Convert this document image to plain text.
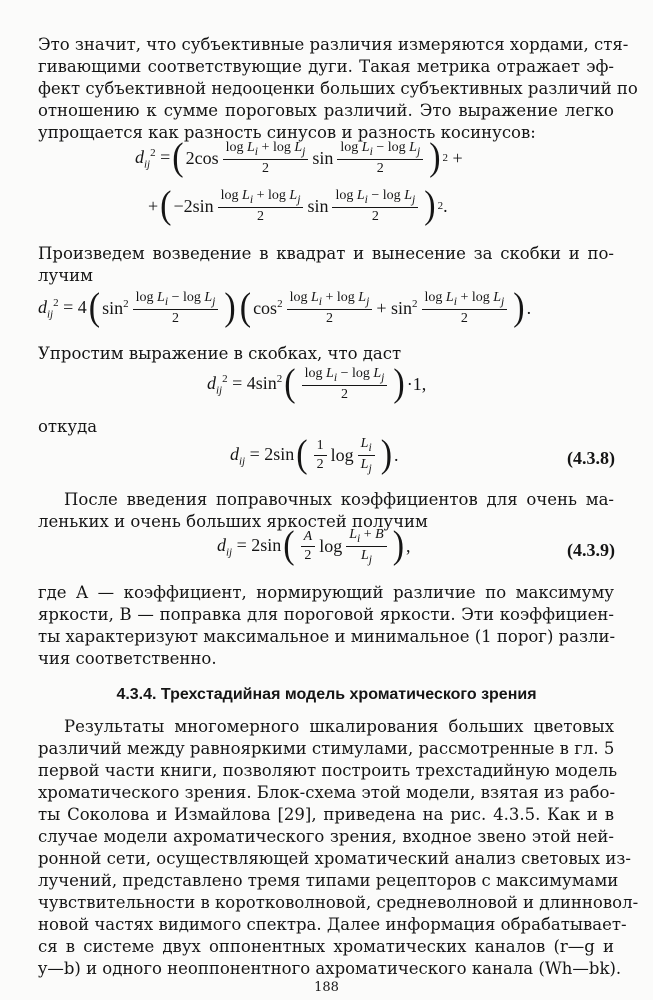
Это значит, что субъективные различия измеряются хордами, стя-
гивающими соответствующие дуги. Такая метрика отражает эф-
фект субъективной недооценки больших субъективных различий по
отношению к сумме пороговых различий. Это выражение легко
упрощается как разность синусов и разность косинусов:
$d_{ij}^2$ = ( $2\cos \frac{\log L_i + \log L_j}{2}$ $\sin \frac{\log L_i - \log L_j}{2}$ ) 2 +
+ ( $-2\sin \frac{\log L_i + \log L_j}{2}$ $\sin \frac{\log L_i - \log L_j}{2}$ ) 2 .
Произведем возведение в квадрат и вынесение за скобки и по-
лучим
$d_{ij}^2 = 4$ ( $\sin^2 \frac{\log L_i - \log L_j}{2}$ ) ( $\cos^2 \frac{\log L_i + \log L_j}{2} + \sin^2 \frac{\log L_i + \log L_j}{2}$ ) .
Упростим выражение в скобках, что даст
$d_{ij}^2 = 4\sin^2$ ( $\frac{\log L_i - \log L_j}{2}$ ) ·1,
откуда
$d_{ij} = 2\sin$ ( $\frac{1}{2}$ $\log \frac{L_i}{L_j}$ ) .	(4.3.8)
После введения поправочных коэффициентов для очень ма-
леньких и очень больших яркостей получим
$d_{ij} = 2\sin$ ( $\frac{A}{2}$ $\log \frac{L_i + B}{L_j}$ ) ,	(4.3.9)
где A — коэффициент, нормирующий различие по максимуму
яркости, B — поправка для пороговой яркости. Эти коэффициен-
ты характеризуют максимальное и минимальное (1 порог) разли-
чия соответственно.
4.3.4. Трехстадийная модель хроматического зрения
Результаты многомерного шкалирования больших цветовых
различий между равнояркими стимулами, рассмотренные в гл. 5
первой части книги, позволяют построить трехстадийную модель
хроматического зрения. Блок-схема этой модели, взятая из рабо-
ты Соколова и Измайлова [29], приведена на рис. 4.3.5. Как и в
случае модели ахроматического зрения, входное звено этой ней-
ронной сети, осуществляющей хроматический анализ световых из-
лучений, представлено тремя типами рецепторов с максимумами
чувствительности в коротковолновой, средневолновой и длинновол-
новой частях видимого спектра. Далее информация обрабатывает-
ся в системе двух оппонентных хроматических каналов (r—g и
y—b) и одного неоппонентного ахроматического канала (Wh—bk).
188
